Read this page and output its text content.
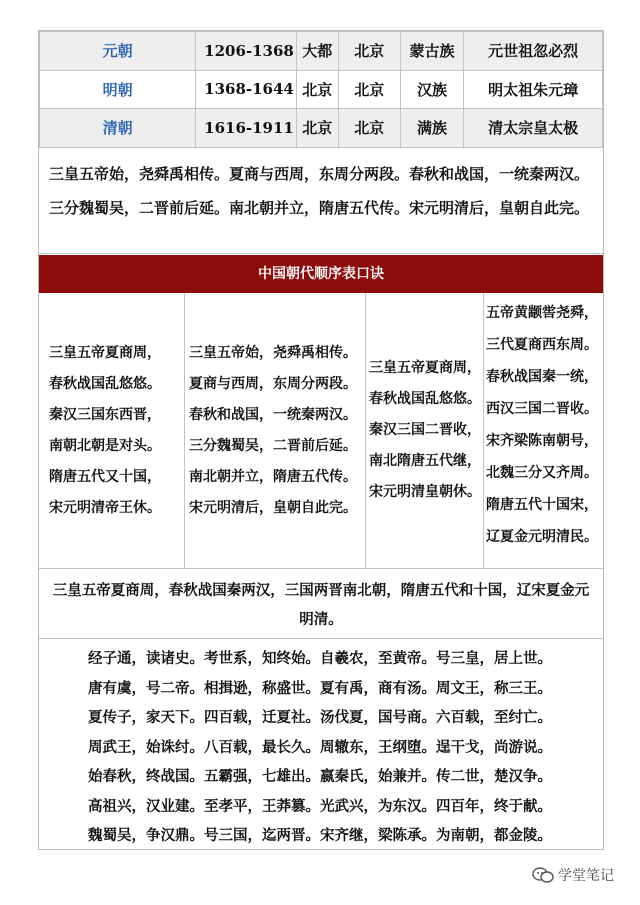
元朝	1206-1368	大都	北京	蒙古族	元世祖忽必烈
明朝	1368-1644	北京	北京	汉族	明太祖朱元璋
清朝	1616-1911	北京	北京	满族	清太宗皇太极
三皇五帝始，尧舜禹相传。夏商与西周，东周分两段。春秋和战国，一统秦两汉。
三分魏蜀吴，二晋前后延。南北朝并立，隋唐五代传。宋元明清后，皇朝自此完。
中国朝代顺序表口诀
三皇五帝夏商周，
春秋战国乱悠悠。
秦汉三国东西晋，
南朝北朝是对头。
隋唐五代又十国，
宋元明清帝王休。
三皇五帝始，尧舜禹相传。
夏商与西周，东周分两段。
春秋和战国，一统秦两汉。
三分魏蜀吴，二晋前后延。
南北朝并立，隋唐五代传。
宋元明清后，皇朝自此完。
三皇五帝夏商周，
春秋战国乱悠悠。
秦汉三国二晋收，
南北隋唐五代继，
宋元明清皇朝休。
五帝黄颛喾尧舜，
三代夏商西东周。
春秋战国秦一统，
西汉三国二晋收。
宋齐梁陈南朝号，
北魏三分又齐周。
隋唐五代十国宋，
辽夏金元明清民。
三皇五帝夏商周，春秋战国秦两汉，三国两晋南北朝，隋唐五代和十国，辽宋夏金元
明清。
经子通，读诸史。考世系，知终始。自羲农，至黄帝。号三皇，居上世。
唐有虞，号二帝。相揖逊，称盛世。夏有禹，商有汤。周文王，称三王。
夏传子，家天下。四百载，迁夏社。汤伐夏，国号商。六百载，至纣亡。
周武王，始诛纣。八百载，最长久。周辙东，王纲堕。逞干戈，尚游说。
始春秋，终战国。五霸强，七雄出。嬴秦氏，始兼并。传二世，楚汉争。
高祖兴，汉业建。至孝平，王莽篡。光武兴，为东汉。四百年，终于献。
魏蜀吴，争汉鼎。号三国，迄两晋。宋齐继，梁陈承。为南朝，都金陵。
学堂笔记
